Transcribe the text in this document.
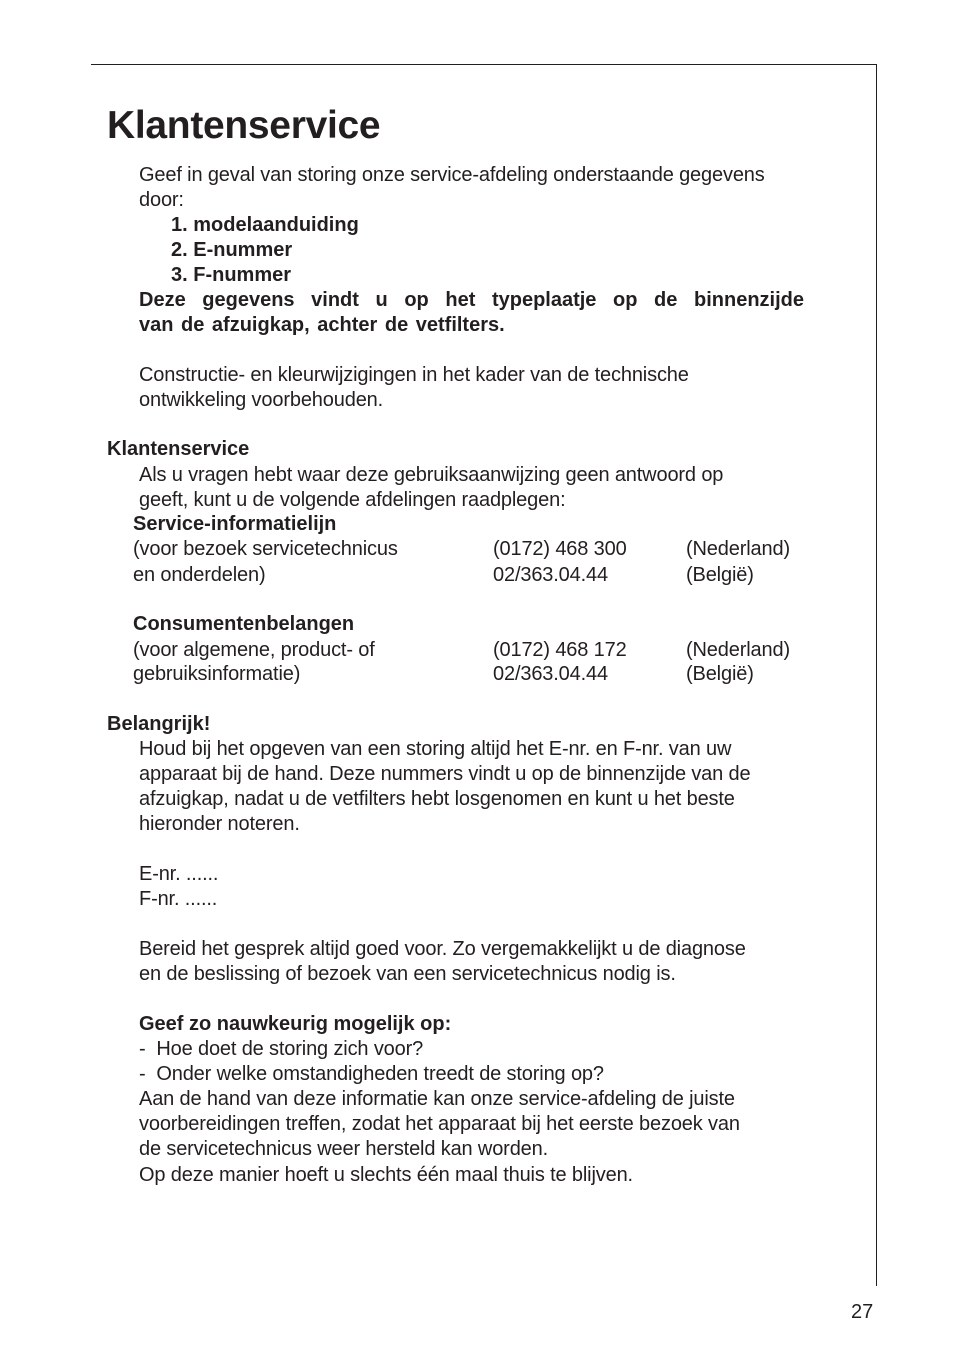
Klantenservice

Geef in geval van storing onze service-afdeling onderstaande gegevens

door:

1. modelaanduiding

2. E-nummer

3. F-nummer

Deze gegevens vindt u op het typeplaatje op de binnenzijde

van de afzuigkap, achter de vetfilters.

Constructie- en kleurwijzigingen in het kader van de technische

ontwikkeling voorbehouden.

Klantenservice

Als u vragen hebt waar deze gebruiksaanwijzing geen antwoord op

geeft, kunt u de volgende afdelingen raadplegen:

Service-informatielijn

(voor bezoek servicetechnicus	(0172) 468 300	(Nederland)

en onderdelen)	02/363.04.44	(België)

Consumentenbelangen

(voor algemene, product- of	(0172) 468 172	(Nederland)

gebruiksinformatie)	02/363.04.44	(België)

Belangrijk!

Houd bij het opgeven van een storing altijd het E-nr. en F-nr. van uw

apparaat bij de hand. Deze nummers vindt u op de binnenzijde van de

afzuigkap, nadat u de vetfilters hebt losgenomen en kunt u het beste

hieronder noteren.

E-nr. ......

F-nr. ......

Bereid het gesprek altijd goed voor. Zo vergemakkelijkt u de diagnose

en de beslissing of bezoek van een servicetechnicus nodig is.

Geef zo nauwkeurig mogelijk op:

-  Hoe doet de storing zich voor?

-  Onder welke omstandigheden treedt de storing op?

Aan de hand van deze informatie kan onze service-afdeling de juiste

voorbereidingen treffen, zodat het apparaat bij het eerste bezoek van

de servicetechnicus weer hersteld kan worden.

Op deze manier hoeft u slechts één maal thuis te blijven.

27
